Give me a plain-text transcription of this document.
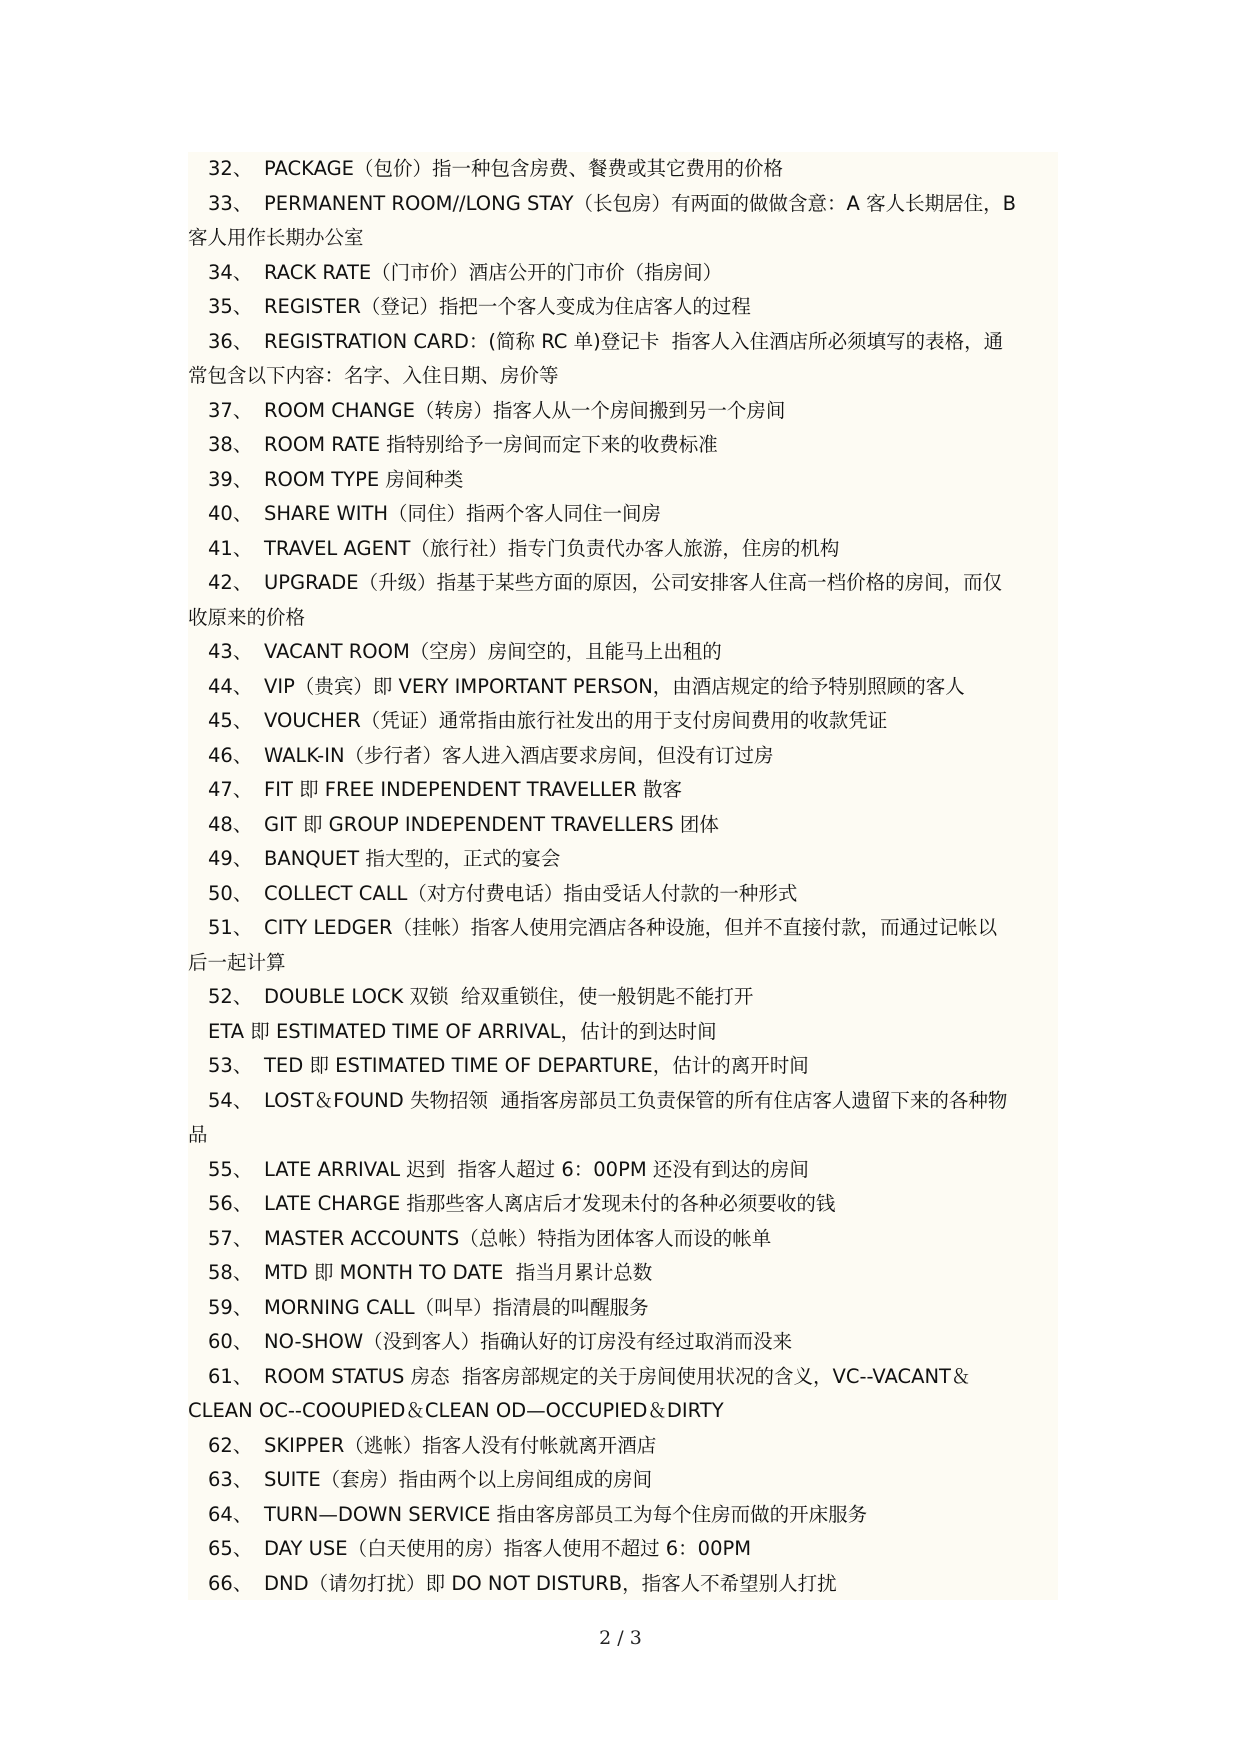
32、 PACKAGE（包价）指一种包含房费、餐费或其它费用的价格
33、 PERMANENT ROOM//LONG STAY（长包房）有两面的做做含意：A 客人长期居住，B
客人用作长期办公室
34、 RACK RATE（门市价）酒店公开的门市价（指房间）
35、 REGISTER（登记）指把一个客人变成为住店客人的过程
36、 REGISTRATION CARD：(简称 RC 单)登记卡  指客人入住酒店所必须填写的表格，通
常包含以下内容：名字、入住日期、房价等
37、 ROOM CHANGE（转房）指客人从一个房间搬到另一个房间
38、 ROOM RATE 指特别给予一房间而定下来的收费标准
39、 ROOM TYPE 房间种类
40、 SHARE WITH（同住）指两个客人同住一间房
41、 TRAVEL AGENT（旅行社）指专门负责代办客人旅游，住房的机构
42、 UPGRADE（升级）指基于某些方面的原因，公司安排客人住高一档价格的房间，而仅
收原来的价格
43、 VACANT ROOM（空房）房间空的，且能马上出租的
44、 VIP（贵宾）即 VERY IMPORTANT PERSON，由酒店规定的给予特别照顾的客人
45、 VOUCHER（凭证）通常指由旅行社发出的用于支付房间费用的收款凭证
46、 WALK-IN（步行者）客人进入酒店要求房间，但没有订过房
47、 FIT 即 FREE INDEPENDENT TRAVELLER 散客
48、 GIT 即 GROUP INDEPENDENT TRAVELLERS 团体
49、 BANQUET 指大型的，正式的宴会
50、 COLLECT CALL（对方付费电话）指由受话人付款的一种形式
51、 CITY LEDGER（挂帐）指客人使用完酒店各种设施，但并不直接付款，而通过记帐以
后一起计算
52、 DOUBLE LOCK 双锁  给双重锁住，使一般钥匙不能打开
ETA 即 ESTIMATED TIME OF ARRIVAL，估计的到达时间
53、 TED 即 ESTIMATED TIME OF DEPARTURE，估计的离开时间
54、 LOST＆FOUND 失物招领  通指客房部员工负责保管的所有住店客人遗留下来的各种物
品
55、 LATE ARRIVAL 迟到  指客人超过 6：00PM 还没有到达的房间
56、 LATE CHARGE 指那些客人离店后才发现未付的各种必须要收的钱
57、 MASTER ACCOUNTS（总帐）特指为团体客人而设的帐单
58、 MTD 即 MONTH TO DATE  指当月累计总数
59、 MORNING CALL（叫早）指清晨的叫醒服务
60、 NO-SHOW（没到客人）指确认好的订房没有经过取消而没来
61、 ROOM STATUS 房态  指客房部规定的关于房间使用状况的含义，VC--VACANT＆
CLEAN OC--COOUPIED＆CLEAN OD—OCCUPIED＆DIRTY
62、 SKIPPER（逃帐）指客人没有付帐就离开酒店
63、 SUITE（套房）指由两个以上房间组成的房间
64、 TURN—DOWN SERVICE 指由客房部员工为每个住房而做的开床服务
65、 DAY USE（白天使用的房）指客人使用不超过 6：00PM
66、 DND（请勿打扰）即 DO NOT DISTURB，指客人不希望别人打扰
2 / 3
